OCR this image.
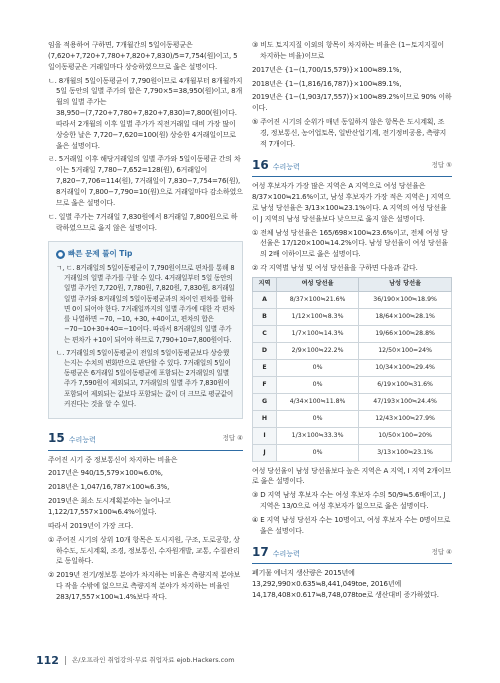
임을 적용하여 구하면, 7개월간의 5일이동평균은 (7,620+7,720+7,780+7,820+7,830)/5=7,754(원)이고, 5일이동평균은 거래일마다 상승하였으므로 옳은 설명이다.

ㄴ. 8개월의 5일이동평균이 7,790원이므로 4개월부터 8개월까지 5일 동안의 일별 주가의 합은 7,790×5=38,950(원)이고, 8개월의 일별 주가는 38,950−(7,720+7,780+7,820+7,830)=7,800(원)이다. 따라서 2개월의 이후 일별 주가가 직전거래일 대비 가장 많이 상승한 날은 7,720−7,620=100(원) 상승한 4거래일이므로 옳은 설명이다.

ㄹ. 5거래일 이후 해당거래일의 일별 주가와 5일이동평균 간의 차이는 5거래일 7,780−7,652=128(원), 6거래일이 7,820−7,706=114(원), 7거래일이 7,830−7,754=76(원), 8거래일이 7,800−7,790=10(원)으로 거래일마다 감소하였으므로 옳은 설명이다.

ㄷ. 일별 주가는 7거래일 7,830원에서 8거래일 7,800원으로 하락하였으므로 옳지 않은 설명이다.

● 빠른 문제 풀이 Tip

ㄱ, ㄷ. 8거래일의 5일이동평균이 7,790원이므로 편차를 통해 8거래일의 일별 주가를 구할 수 있다. 4거래일부터 5일 동안의 일별 주가인 7,720원, 7,780원, 7,820원, 7,830원, 8거래일 일별 주가와 8거래일의 5일이동평균과의 차이인 편차를 합하면 0이 되어야 한다. 7거래일까지의 일별 주가에 대한 각 편차를 나열하면 −70, −10, +30, +40이고, 편차의 합은 −70−10+30+40=−10이다. 따라서 8거래일의 일별 주가는 편차가 +10이 되어야 하므로 7,790+10=7,800원이다.

ㄴ. 7거래일의 5일이동평균이 전일의 5일이동평균보다 상승했는지는 수치의 변화만으로 판단할 수 있다. 7거래일의 5일이동평균은 6거래일 5일이동평균에 포함되는 2거래일의 일별 주가 7,590원이 제외되고, 7거래일의 일별 주가 7,830원이 포함되어 제외되는 값보다 포함되는 값이 더 크므로 평균값이 커진다는 것을 알 수 있다.

15 수리능력	정답 ④

주어진 시기 중 정보통신이 차지하는 비율은

2017년은 940/15,579×100≒6.0%,

2018년은 1,047/16,787×100≒6.3%,

2019년은 최소 도시계획분야는 늘어나고 1,122/17,557×100≒6.4%이었다.

따라서 2019년이 가장 크다.

① 주어진 시기의 상위 10개 항목은 도시지원, 구조, 도로공항, 상하수도, 도시계획, 조경, 정보통신, 수자원개발, 교통, 수질관리로 동일하다.

② 2019년 전기/정보통 분야가 차지하는 비율은 측량지적 분야보다 작을 수밖에 없으므로 측량지적 분야가 차지하는 비율인 283/17,557×100≒1.4%보다 작다.

③ 비도 토지지질 이외의 항목이 차지하는 비율은 (1−토지지질이 차지하는 비율)이므로

2017년은 {1−(1,700/15,579)}×100≒89.1%,

2018년은 {1−(1,816/16,787)}×100≒89.1%,

2019년은 {1−(1,903/17,557)}×100≒89.2%이므로 90% 이하이다.

⑤ 주어진 시기의 순위가 매년 동일하지 않은 항목은 도시계획, 조경, 정보통신, 농어업토목, 일반산업기계, 전기정비공용, 측량지적 7개이다.

16 수리능력	정답 ⑤

여성 후보자가 가장 많은 지역은 A 지역으로 여성 당선율은 8/37×100≒21.6%이고, 남성 후보자가 가장 적은 지역은 J 지역으로 남성 당선율은 3/13×100≒23.1%이다. A 지역의 여성 당선율이 J 지역의 남성 당선율보다 낮으므로 옳지 않은 설명이다.

① 전체 남성 당선율은 165/698×100≒23.6%이고, 전체 여성 당선율은 17/120×100≒14.2%이다. 남성 당선율이 여성 당선율의 2배 이하이므로 옳은 설명이다.

② 각 지역별 남성 및 여성 당선율을 구하면 다음과 같다.

지역	여성 당선율	남성 당선율
A	8/37×100≒21.6%	36/190×100≒18.9%
B	1/12×100≒8.3%	18/64×100≒28.1%
C	1/7×100≒14.3%	19/66×100≒28.8%
D	2/9×100≒22.2%	12/50×100=24%
E	0%	10/34×100≒29.4%
F	0%	6/19×100≒31.6%
G	4/34×100≒11.8%	47/193×100≒24.4%
H	0%	12/43×100≒27.9%
I	1/3×100≒33.3%	10/50×100=20%
J	0%	3/13×100≒23.1%

여성 당선율이 남성 당선율보다 높은 지역은 A 지역, I 지역 2개이므로 옳은 설명이다.

③ D 지역 남성 후보자 수는 여성 후보자 수의 50/9≒5.6배이고, J 지역은 13/0으로 여성 후보자가 없으므로 옳은 설명이다.

④ E 지역 남성 당선자 수는 10명이고, 여성 후보자 수는 0명이므로 옳은 설명이다.

17 수리능력	정답 ④

폐기물 에너지 생산량은 2015년에 13,292,990×0.635≒8,441,049toe, 2016년에 14,178,408×0.617≒8,748,078toe로 생산대비 증가하였다.

112 온/오프라인 취업강의·무료 취업자료 ejob.Hackers.com
